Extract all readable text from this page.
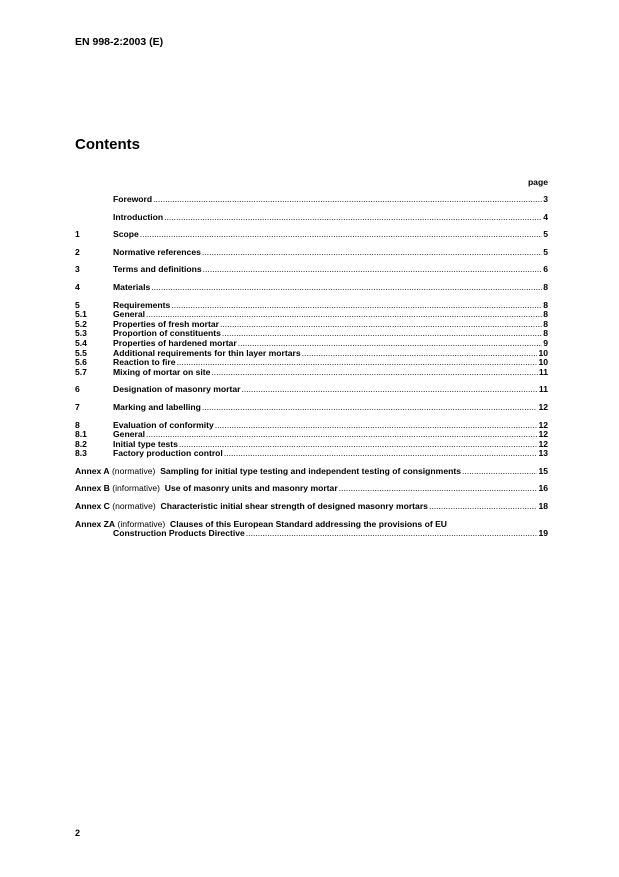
EN 998-2:2003 (E)
Contents
page
Foreword .....	3
Introduction .....	4
1	Scope .....	5
2	Normative references .....	5
3	Terms and definitions .....	6
4	Materials .....	8
5	Requirements .....	8
5.1	General .....	8
5.2	Properties of fresh mortar .....	8
5.3	Proportion of constituents .....	8
5.4	Properties of hardened mortar .....	9
5.5	Additional requirements for thin layer mortars .....	10
5.6	Reaction to fire .....	10
5.7	Mixing of mortar on site .....	11
6	Designation of masonry mortar .....	11
7	Marking and labelling .....	12
8	Evaluation of conformity .....	12
8.1	General .....	12
8.2	Initial type tests .....	12
8.3	Factory production control .....	13
Annex A
(normative)
Sampling for initial type testing and independent testing of consignments .....	15
Annex B
(informative)
Use of masonry units and masonry mortar .....	16
Annex C
(normative)
Characteristic initial shear strength of designed masonry mortars .....	18
Annex ZA
(informative)
Clauses of this European Standard addressing the provisions of EU
Construction Products Directive .....	19
2
